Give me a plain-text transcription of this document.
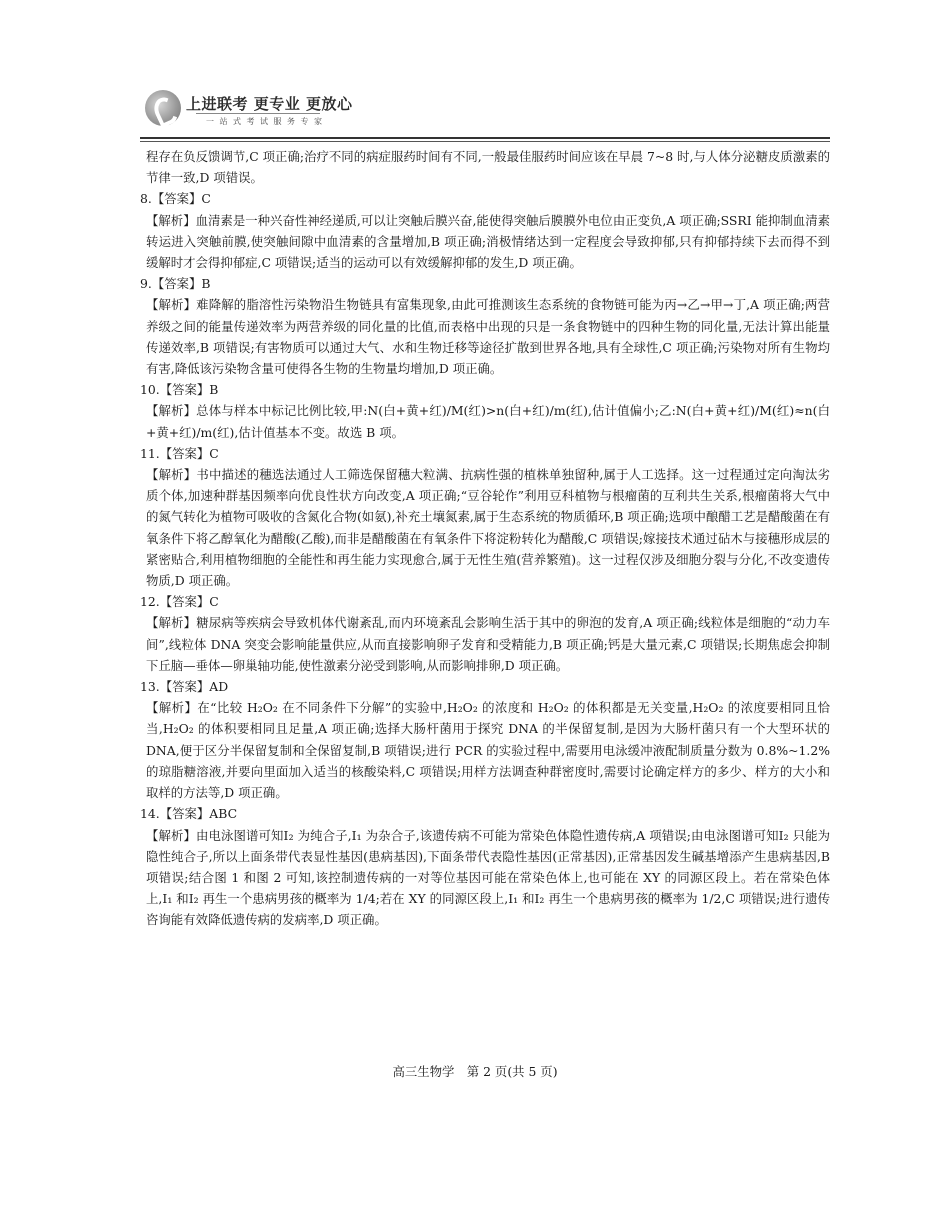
上进联考 更专业 更放心
一站式考试服务专家
程存在负反馈调节,C 项正确;治疗不同的病症服药时间有不同,一般最佳服药时间应该在早晨 7~8 时,与人体分泌糖皮质激素的节律一致,D 项错误。
8.【答案】C
【解析】血清素是一种兴奋性神经递质,可以让突触后膜兴奋,能使得突触后膜膜外电位由正变负,A 项正确;SSRI 能抑制血清素转运进入突触前膜,使突触间隙中血清素的含量增加,B 项正确;消极情绪达到一定程度会导致抑郁,只有抑郁持续下去而得不到缓解时才会得抑郁症,C 项错误;适当的运动可以有效缓解抑郁的发生,D 项正确。
9.【答案】B
【解析】难降解的脂溶性污染物沿生物链具有富集现象,由此可推测该生态系统的食物链可能为丙→乙→甲→丁,A 项正确;两营养级之间的能量传递效率为两营养级的同化量的比值,而表格中出现的只是一条食物链中的四种生物的同化量,无法计算出能量传递效率,B 项错误;有害物质可以通过大气、水和生物迁移等途径扩散到世界各地,具有全球性,C 项正确;污染物对所有生物均有害,降低该污染物含量可使得各生物的生物量均增加,D 项正确。
10.【答案】B
【解析】总体与样本中标记比例比较,甲:N(白+黄+红)/M(红)>n(白+红)/m(红),估计值偏小;乙:N(白+黄+红)/M(红)≈n(白+黄+红)/m(红),估计值基本不变。故选 B 项。
11.【答案】C
【解析】书中描述的穗选法通过人工筛选保留穗大粒满、抗病性强的植株单独留种,属于人工选择。这一过程通过定向淘汰劣质个体,加速种群基因频率向优良性状方向改变,A 项正确;“豆谷轮作”利用豆科植物与根瘤菌的互利共生关系,根瘤菌将大气中的氮气转化为植物可吸收的含氮化合物(如氨),补充土壤氮素,属于生态系统的物质循环,B 项正确;选项中酿醋工艺是醋酸菌在有氧条件下将乙醇氧化为醋酸(乙酸),而非是醋酸菌在有氧条件下将淀粉转化为醋酸,C 项错误;嫁接技术通过砧木与接穗形成层的紧密贴合,利用植物细胞的全能性和再生能力实现愈合,属于无性生殖(营养繁殖)。这一过程仅涉及细胞分裂与分化,不改变遗传物质,D 项正确。
12.【答案】C
【解析】糖尿病等疾病会导致机体代谢紊乱,而内环境紊乱会影响生活于其中的卵泡的发育,A 项正确;线粒体是细胞的“动力车间”,线粒体 DNA 突变会影响能量供应,从而直接影响卵子发育和受精能力,B 项正确;钙是大量元素,C 项错误;长期焦虑会抑制下丘脑—垂体—卵巢轴功能,使性激素分泌受到影响,从而影响排卵,D 项正确。
13.【答案】AD
【解析】在“比较 H₂O₂ 在不同条件下分解”的实验中,H₂O₂ 的浓度和 H₂O₂ 的体积都是无关变量,H₂O₂ 的浓度要相同且恰当,H₂O₂ 的体积要相同且足量,A 项正确;选择大肠杆菌用于探究 DNA 的半保留复制,是因为大肠杆菌只有一个大型环状的 DNA,便于区分半保留复制和全保留复制,B 项错误;进行 PCR 的实验过程中,需要用电泳缓冲液配制质量分数为 0.8%~1.2%的琼脂糖溶液,并要向里面加入适当的核酸染料,C 项错误;用样方法调查种群密度时,需要讨论确定样方的多少、样方的大小和取样的方法等,D 项正确。
14.【答案】ABC
【解析】由电泳图谱可知Ⅰ₂ 为纯合子,Ⅰ₁ 为杂合子,该遗传病不可能为常染色体隐性遗传病,A 项错误;由电泳图谱可知Ⅰ₂ 只能为隐性纯合子,所以上面条带代表显性基因(患病基因),下面条带代表隐性基因(正常基因),正常基因发生碱基增添产生患病基因,B 项错误;结合图 1 和图 2 可知,该控制遗传病的一对等位基因可能在常染色体上,也可能在 XY 的同源区段上。若在常染色体上,Ⅰ₁ 和Ⅰ₂ 再生一个患病男孩的概率为 1/4;若在 XY 的同源区段上,Ⅰ₁ 和Ⅰ₂ 再生一个患病男孩的概率为 1/2,C 项错误;进行遗传咨询能有效降低遗传病的发病率,D 项正确。
高三生物学　第 2 页(共 5 页)
